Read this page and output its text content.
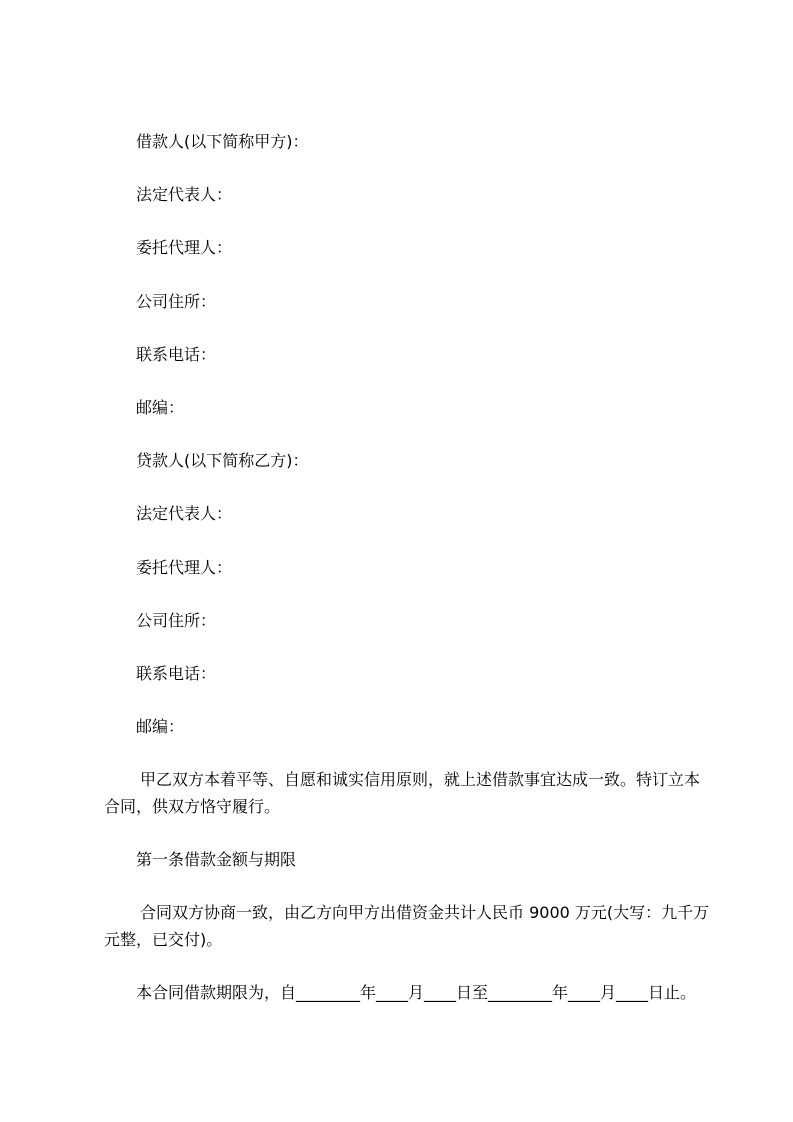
借款人(以下简称甲方)：

法定代表人：

委托代理人：

公司住所：

联系电话：

邮编：

贷款人(以下简称乙方)：

法定代表人：

委托代理人：

公司住所：

联系电话：

邮编：

甲乙双方本着平等、自愿和诚实信用原则，就上述借款事宜达成一致。特订立本
合同，供双方恪守履行。

第一条借款金额与期限

合同双方协商一致，由乙方向甲方出借资金共计人民币 9000 万元(大写：九千万
元整，已交付)。

本合同借款期限为，自________年____月____日至________年____月____日止。
